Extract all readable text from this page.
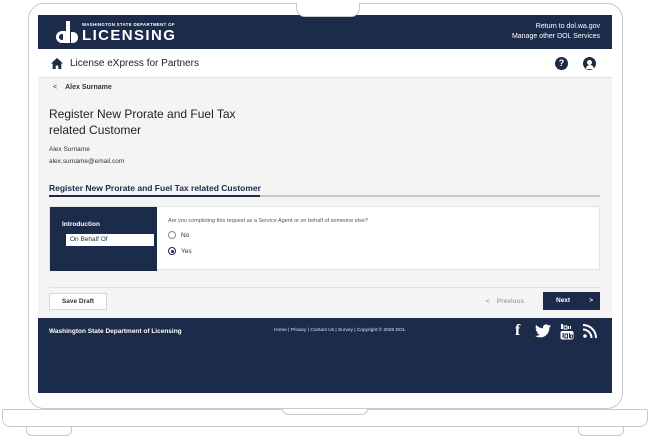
WASHINGTON STATE DEPARTMENT OF
LICENSING
Return to dol.wa.gov
Manage other DOL Services
License eXpress for Partners	?
< Alex Surname
Register New Prorate and Fuel Tax related Customer
Alex Surname
alex.surname@email.com
Register New Prorate and Fuel Tax related Customer
Introduction
On Behalf Of
Are you completing this request as a Service Agent or on behalf of someone else?
No
Yes
Save Draft	< Previous	Next	>
Washington State Department of Licensing	Home | Privacy | Contact Us | Survey | Copyright © 2025 DOL	f
